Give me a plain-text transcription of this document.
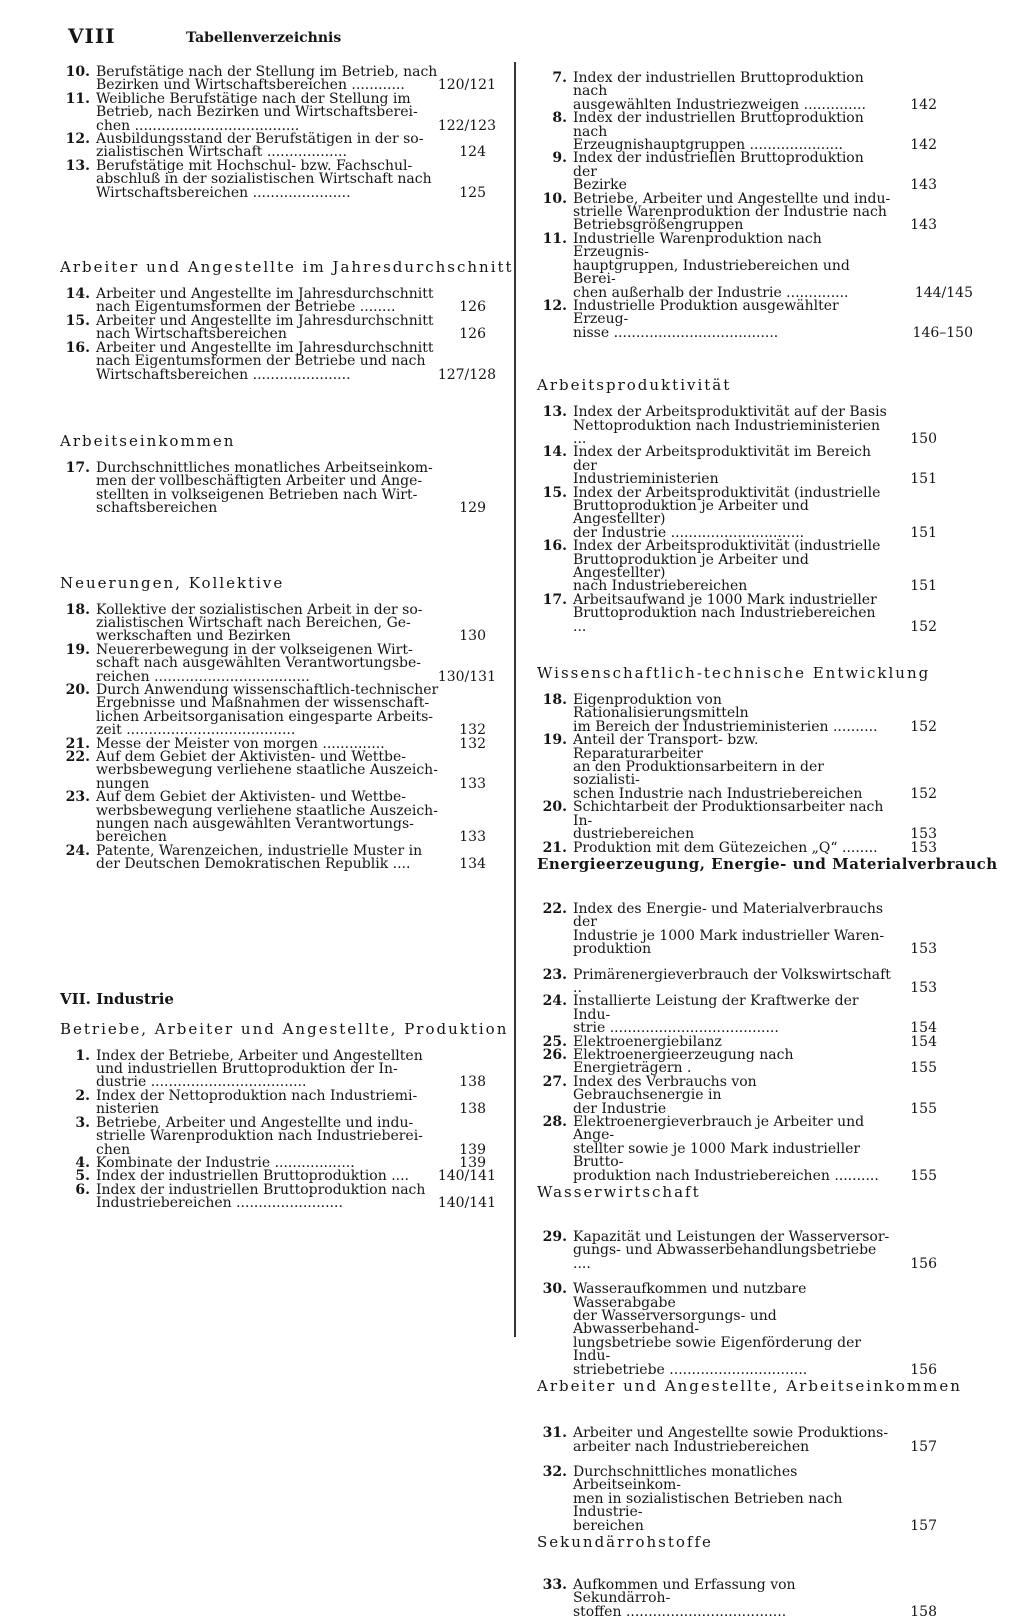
VIII	Tabellenverzeichnis
10. Berufstätige nach der Stellung im Betrieb, nach
Bezirken und Wirtschaftsbereichen ............	120/121
11. Weibliche Berufstätige nach der Stellung im
Betrieb, nach Bezirken und Wirtschaftsberei-
chen .....................................	122/123
12. Ausbildungsstand der Berufstätigen in der so-
zialistischen Wirtschaft ..................	124
13. Berufstätige mit Hochschul- bzw. Fachschul-
abschluß in der sozialistischen Wirtschaft nach
Wirtschaftsbereichen ......................	125
Arbeiter und Angestellte im Jahresdurchschnitt
14. Arbeiter und Angestellte im Jahresdurchschnitt
nach Eigentumsformen der Betriebe ........	126
15. Arbeiter und Angestellte im Jahresdurchschnitt
nach Wirtschaftsbereichen	126
16. Arbeiter und Angestellte im Jahresdurchschnitt
nach Eigentumsformen der Betriebe und nach
Wirtschaftsbereichen ......................	127/128
Arbeitseinkommen
17. Durchschnittliches monatliches Arbeitseinkom-
men der vollbeschäftigten Arbeiter und Ange-
stellten in volkseigenen Betrieben nach Wirt-
schaftsbereichen	129
Neuerungen, Kollektive
18. Kollektive der sozialistischen Arbeit in der so-
zialistischen Wirtschaft nach Bereichen, Ge-
werkschaften und Bezirken	130
19. Neuererbewegung in der volkseigenen Wirt-
schaft nach ausgewählten Verantwortungsbe-
reichen ...................................	130/131
20. Durch Anwendung wissenschaftlich-technischer
Ergebnisse und Maßnahmen der wissenschaft-
lichen Arbeitsorganisation eingesparte Arbeits-
zeit ......................................	132
21. Messe der Meister von morgen ..............	132
22. Auf dem Gebiet der Aktivisten- und Wettbe-
werbsbewegung verliehene staatliche Auszeich-
nungen	133
23. Auf dem Gebiet der Aktivisten- und Wettbe-
werbsbewegung verliehene staatliche Auszeich-
nungen nach ausgewählten Verantwortungs-
bereichen	133
24. Patente, Warenzeichen, industrielle Muster in
der Deutschen Demokratischen Republik ....	134
VII. Industrie
Betriebe, Arbeiter und Angestellte, Produktion
1. Index der Betriebe, Arbeiter und Angestellten
und industriellen Bruttoproduktion der In-
dustrie ...................................	138
2. Index der Nettoproduktion nach Industriemi-
nisterien	138
3. Betriebe, Arbeiter und Angestellte und indu-
strielle Warenproduktion nach Industrieberei-
chen	139
4. Kombinate der Industrie ..................	139
5. Index der industriellen Bruttoproduktion ....	140/141
6. Index der industriellen Bruttoproduktion nach
Industriebereichen ........................	140/141
7. Index der industriellen Bruttoproduktion nach
ausgewählten Industriezweigen ..............	142
8. Index der industriellen Bruttoproduktion nach
Erzeugnishauptgruppen .....................	142
9. Index der industriellen Bruttoproduktion der
Bezirke	143
10. Betriebe, Arbeiter und Angestellte und indu-
strielle Warenproduktion der Industrie nach
Betriebsgrößengruppen	143
11. Industrielle Warenproduktion nach Erzeugnis-
hauptgruppen, Industriebereichen und Berei-
chen außerhalb der Industrie ..............	144/145
12. Industrielle Produktion ausgewählter Erzeug-
nisse .....................................	146–150
Arbeitsproduktivität
13. Index der Arbeitsproduktivität auf der Basis
Nettoproduktion nach Industrieministerien ...	150
14. Index der Arbeitsproduktivität im Bereich der
Industrieministerien	151
15. Index der Arbeitsproduktivität (industrielle
Bruttoproduktion je Arbeiter und Angestellter)
der Industrie ..............................	151
16. Index der Arbeitsproduktivität (industrielle
Bruttoproduktion je Arbeiter und Angestellter)
nach Industriebereichen	151
17. Arbeitsaufwand je 1000 Mark industrieller
Bruttoproduktion nach Industriebereichen ...	152
Wissenschaftlich-technische Entwicklung
18. Eigenproduktion von Rationalisierungsmitteln
im Bereich der Industrieministerien ..........	152
19. Anteil der Transport- bzw. Reparaturarbeiter
an den Produktionsarbeitern in der sozialisti-
schen Industrie nach Industriebereichen	152
20. Schichtarbeit der Produktionsarbeiter nach In-
dustriebereichen	153
21. Produktion mit dem Gütezeichen „Q“ ........	153
Energieerzeugung, Energie- und Materialverbrauch
22. Index des Energie- und Materialverbrauchs der
Industrie je 1000 Mark industrieller Waren-
produktion	153
23. Primärenergieverbrauch der Volkswirtschaft ..	153
24. Installierte Leistung der Kraftwerke der Indu-
strie ......................................	154
25. Elektroenergiebilanz	154
26. Elektroenergieerzeugung nach Energieträgern .	155
27. Index des Verbrauchs von Gebrauchsenergie in
der Industrie	155
28. Elektroenergieverbrauch je Arbeiter und Ange-
stellter sowie je 1000 Mark industrieller Brutto-
produktion nach Industriebereichen ..........	155
Wasserwirtschaft
29. Kapazität und Leistungen der Wasserversor-
gungs- und Abwasserbehandlungsbetriebe ....	156
30. Wasseraufkommen und nutzbare Wasserabgabe
der Wasserversorgungs- und Abwasserbehand-
lungsbetriebe sowie Eigenförderung der Indu-
striebetriebe ...............................	156
Arbeiter und Angestellte, Arbeitseinkommen
31. Arbeiter und Angestellte sowie Produktions-
arbeiter nach Industriebereichen	157
32. Durchschnittliches monatliches Arbeitseinkom-
men in sozialistischen Betrieben nach Industrie-
bereichen	157
Sekundärrohstoffe
33. Aufkommen und Erfassung von Sekundärroh-
stoffen ....................................	158
